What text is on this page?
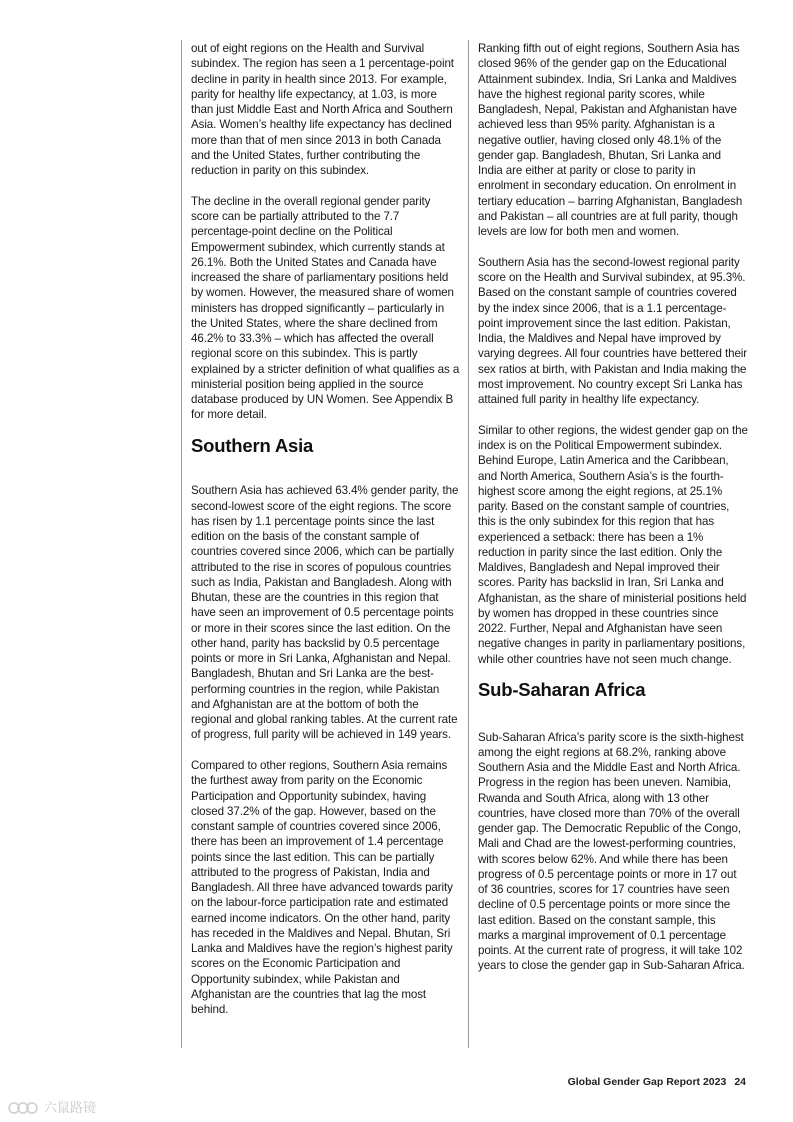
out of eight regions on the Health and Survival subindex. The region has seen a 1 percentage-point decline in parity in health since 2013. For example, parity for healthy life expectancy, at 1.03, is more than just Middle East and North Africa and Southern Asia. Women’s healthy life expectancy has declined more than that of men since 2013 in both Canada and the United States, further contributing the reduction in parity on this subindex.

The decline in the overall regional gender parity score can be partially attributed to the 7.7 percentage-point decline on the Political Empowerment subindex, which currently stands at 26.1%. Both the United States and Canada have increased the share of parliamentary positions held by women. However, the measured share of women ministers has dropped significantly – particularly in the United States, where the share declined from 46.2% to 33.3% – which has affected the overall regional score on this subindex. This is partly explained by a stricter definition of what qualifies as a ministerial position being applied in the source database produced by UN Women. See Appendix B for more detail.

Southern Asia

Southern Asia has achieved 63.4% gender parity, the second-lowest score of the eight regions. The score has risen by 1.1 percentage points since the last edition on the basis of the constant sample of countries covered since 2006, which can be partially attributed to the rise in scores of populous countries such as India, Pakistan and Bangladesh. Along with Bhutan, these are the countries in this region that have seen an improvement of 0.5 percentage points or more in their scores since the last edition. On the other hand, parity has backslid by 0.5 percentage points or more in Sri Lanka, Afghanistan and Nepal. Bangladesh, Bhutan and Sri Lanka are the best-performing countries in the region, while Pakistan and Afghanistan are at the bottom of both the regional and global ranking tables. At the current rate of progress, full parity will be achieved in 149 years.

Compared to other regions, Southern Asia remains the furthest away from parity on the Economic Participation and Opportunity subindex, having closed 37.2% of the gap. However, based on the constant sample of countries covered since 2006, there has been an improvement of 1.4 percentage points since the last edition. This can be partially attributed to the progress of Pakistan, India and Bangladesh. All three have advanced towards parity on the labour-force participation rate and estimated earned income indicators. On the other hand, parity has receded in the Maldives and Nepal. Bhutan, Sri Lanka and Maldives have the region’s highest parity scores on the Economic Participation and Opportunity subindex, while Pakistan and Afghanistan are the countries that lag the most behind.

Ranking fifth out of eight regions, Southern Asia has closed 96% of the gender gap on the Educational Attainment subindex. India, Sri Lanka and Maldives have the highest regional parity scores, while Bangladesh, Nepal, Pakistan and Afghanistan have achieved less than 95% parity. Afghanistan is a negative outlier, having closed only 48.1% of the gender gap. Bangladesh, Bhutan, Sri Lanka and India are either at parity or close to parity in enrolment in secondary education. On enrolment in tertiary education – barring Afghanistan, Bangladesh and Pakistan – all countries are at full parity, though levels are low for both men and women.

Southern Asia has the second-lowest regional parity score on the Health and Survival subindex, at 95.3%. Based on the constant sample of countries covered by the index since 2006, that is a 1.1 percentage-point improvement since the last edition. Pakistan, India, the Maldives and Nepal have improved by varying degrees. All four countries have bettered their sex ratios at birth, with Pakistan and India making the most improvement. No country except Sri Lanka has attained full parity in healthy life expectancy.

Similar to other regions, the widest gender gap on the index is on the Political Empowerment subindex. Behind Europe, Latin America and the Caribbean, and North America, Southern Asia’s is the fourth-highest score among the eight regions, at 25.1% parity. Based on the constant sample of countries, this is the only subindex for this region that has experienced a setback: there has been a 1% reduction in parity since the last edition. Only the Maldives, Bangladesh and Nepal improved their scores. Parity has backslid in Iran, Sri Lanka and Afghanistan, as the share of ministerial positions held by women has dropped in these countries since 2022. Further, Nepal and Afghanistan have seen negative changes in parity in parliamentary positions, while other countries have not seen much change.

Sub-Saharan Africa

Sub-Saharan Africa’s parity score is the sixth-highest among the eight regions at 68.2%, ranking above Southern Asia and the Middle East and North Africa. Progress in the region has been uneven. Namibia, Rwanda and South Africa, along with 13 other countries, have closed more than 70% of the overall gender gap. The Democratic Republic of the Congo, Mali and Chad are the lowest-performing countries, with scores below 62%. And while there has been progress of 0.5 percentage points or more in 17 out of 36 countries, scores for 17 countries have seen decline of 0.5 percentage points or more since the last edition. Based on the constant sample, this marks a marginal improvement of 0.1 percentage points. At the current rate of progress, it will take 102 years to close the gender gap in Sub-Saharan Africa.

Global Gender Gap Report 2023 24
六鼠路镜
